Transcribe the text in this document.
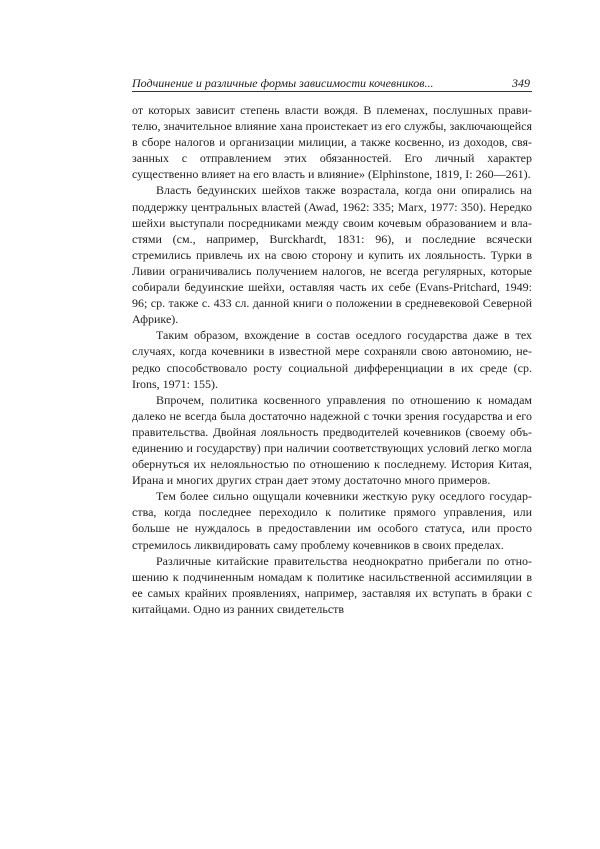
Подчинение и различные формы зависимости кочевников...	349

от которых зависит степень власти вождя. В племенах, послушных правителю, значительное влияние хана проистекает из его службы, заключающейся в сборе налогов и организации милиции, а также косвенно, из доходов, связанных с отправлением этих обязанностей. Его личный характер существенно влияет на его власть и влияние» (Elphinstone, 1819, I: 260—261).

Власть бедуинских шейхов также возрастала, когда они опирались на поддержку центральных властей (Awad, 1962: 335; Marx, 1977: 350). Нередко шейхи выступали посредниками между своим кочевым образованием и властями (см., например, Burckhardt, 1831: 96), и последние всячески стремились привлечь их на свою сторону и купить их лояльность. Турки в Ливии ограничивались получением налогов, не всегда регулярных, которые собирали бедуинские шейхи, оставляя часть их себе (Evans-Pritchard, 1949: 96; ср. также с. 433 сл. данной книги о положении в средневековой Северной Африке).

Таким образом, вхождение в состав оседлого государства даже в тех случаях, когда кочевники в известной мере сохраняли свою автономию, нередко способствовало росту социальной дифференциации в их среде (ср. Irons, 1971: 155).

Впрочем, политика косвенного управления по отношению к номадам далеко не всегда была достаточно надежной с точки зрения государства и его правительства. Двойная лояльность предводителей кочевников (своему объединению и государству) при наличии соответствующих условий легко могла обернуться их нелояльностью по отношению к последнему. История Китая, Ирана и многих других стран дает этому достаточно много примеров.

Тем более сильно ощущали кочевники жесткую руку оседлого государства, когда последнее переходило к политике прямого управления, или больше не нуждалось в предоставлении им особого статуса, или просто стремилось ликвидировать саму проблему кочевников в своих пределах.

Различные китайские правительства неоднократно прибегали по отношению к подчиненным номадам к политике насильственной ассимиляции в ее самых крайних проявлениях, например, заставляя их вступать в браки с китайцами. Одно из ранних свидетельств
